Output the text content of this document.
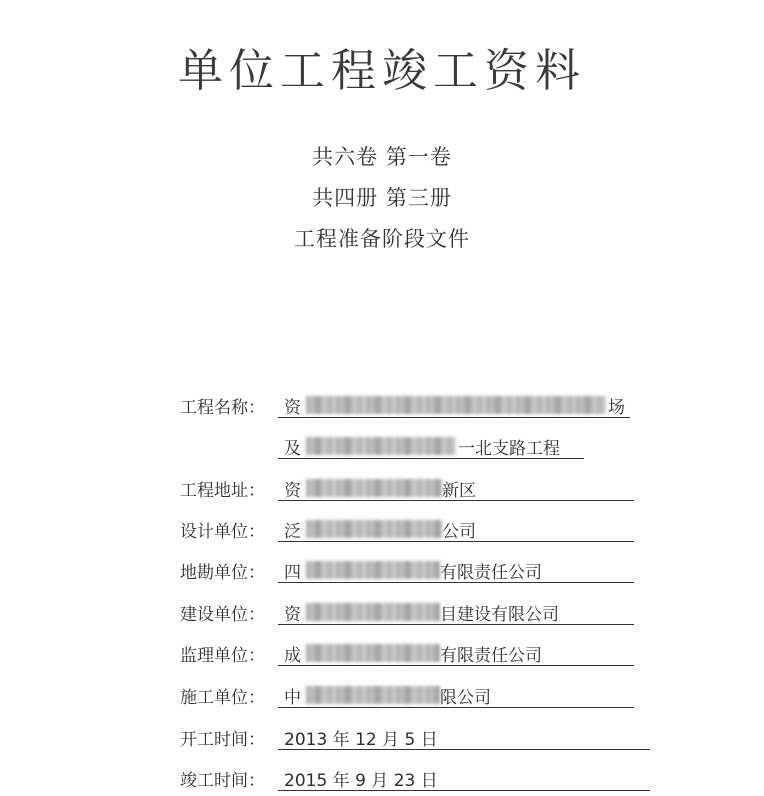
单位工程竣工资料
共六卷 第一卷
共四册 第三册
工程准备阶段文件
工程名称：	资	场
及	一北支路工程
工程地址：	资	新区
设计单位：	泛	公司
地勘单位：	四	有限责任公司
建设单位：	资	目建设有限公司
监理单位：	成	有限责任公司
施工单位：	中	限公司
开工时间：	2013 年 12 月 5 日
竣工时间：	2015 年 9 月 23 日
